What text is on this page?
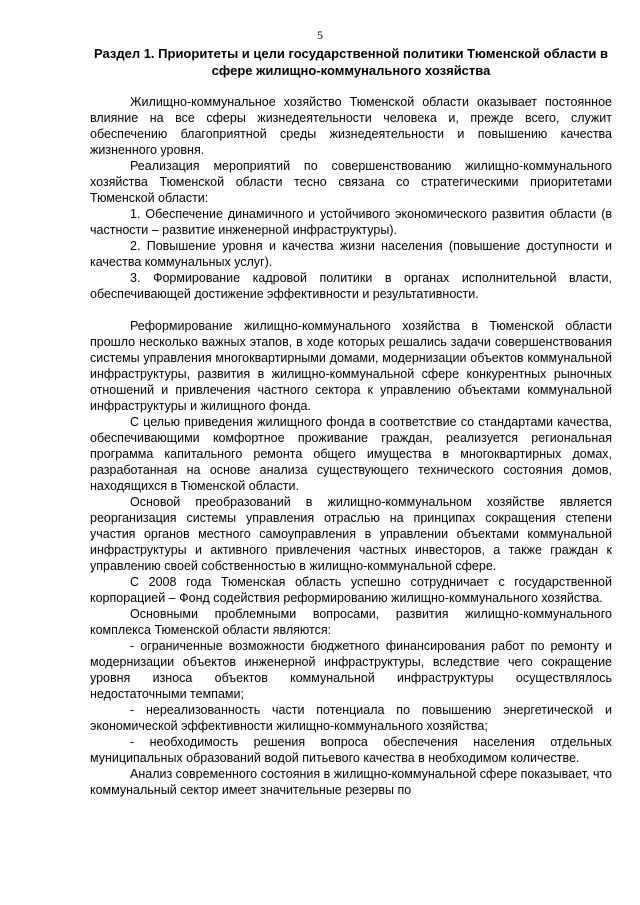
5
Раздел 1. Приоритеты и цели государственной политики Тюменской области в сфере жилищно-коммунального хозяйства

Жилищно-коммунальное хозяйство Тюменской области оказывает постоянное влияние на все сферы жизнедеятельности человека и, прежде всего, служит обеспечению благоприятной среды жизнедеятельности и повышению качества жизненного уровня.

Реализация мероприятий по совершенствованию жилищно-коммунального хозяйства Тюменской области тесно связана со стратегическими приоритетами Тюменской области:

1. Обеспечение динамичного и устойчивого экономического развития области (в частности – развитие инженерной инфраструктуры).

2. Повышение уровня и качества жизни населения (повышение доступности и качества коммунальных услуг).

3. Формирование кадровой политики в органах исполнительной власти, обеспечивающей достижение эффективности и результативности.

Реформирование жилищно-коммунального хозяйства в Тюменской области прошло несколько важных этапов, в ходе которых решались задачи совершенствования системы управления многоквартирными домами, модернизации объектов коммунальной инфраструктуры, развития в жилищно-коммунальной сфере конкурентных рыночных отношений и привлечения частного сектора к управлению объектами коммунальной инфраструктуры и жилищного фонда.

С целью приведения жилищного фонда в соответствие со стандартами качества, обеспечивающими комфортное проживание граждан, реализуется региональная программа капитального ремонта общего имущества в многоквартирных домах, разработанная на основе анализа существующего технического состояния домов, находящихся в Тюменской области.

Основой преобразований в жилищно-коммунальном хозяйстве является реорганизация системы управления отраслью на принципах сокращения степени участия органов местного самоуправления в управлении объектами коммунальной инфраструктуры и активного привлечения частных инвесторов, а также граждан к управлению своей собственностью в жилищно-коммунальной сфере.

С 2008 года Тюменская область успешно сотрудничает с государственной корпорацией – Фонд содействия реформированию жилищно-коммунального хозяйства.

Основными проблемными вопросами, развития жилищно-коммунального комплекса Тюменской области являются:

- ограниченные возможности бюджетного финансирования работ по ремонту и модернизации объектов инженерной инфраструктуры, вследствие чего сокращение уровня износа объектов коммунальной инфраструктуры осуществлялось недостаточными темпами;

- нереализованность части потенциала по повышению энергетической и экономической эффективности жилищно-коммунального хозяйства;

- необходимость решения вопроса обеспечения населения отдельных муниципальных образований водой питьевого качества в необходимом количестве.

Анализ современного состояния в жилищно-коммунальной сфере показывает, что коммунальный сектор имеет значительные резервы по
